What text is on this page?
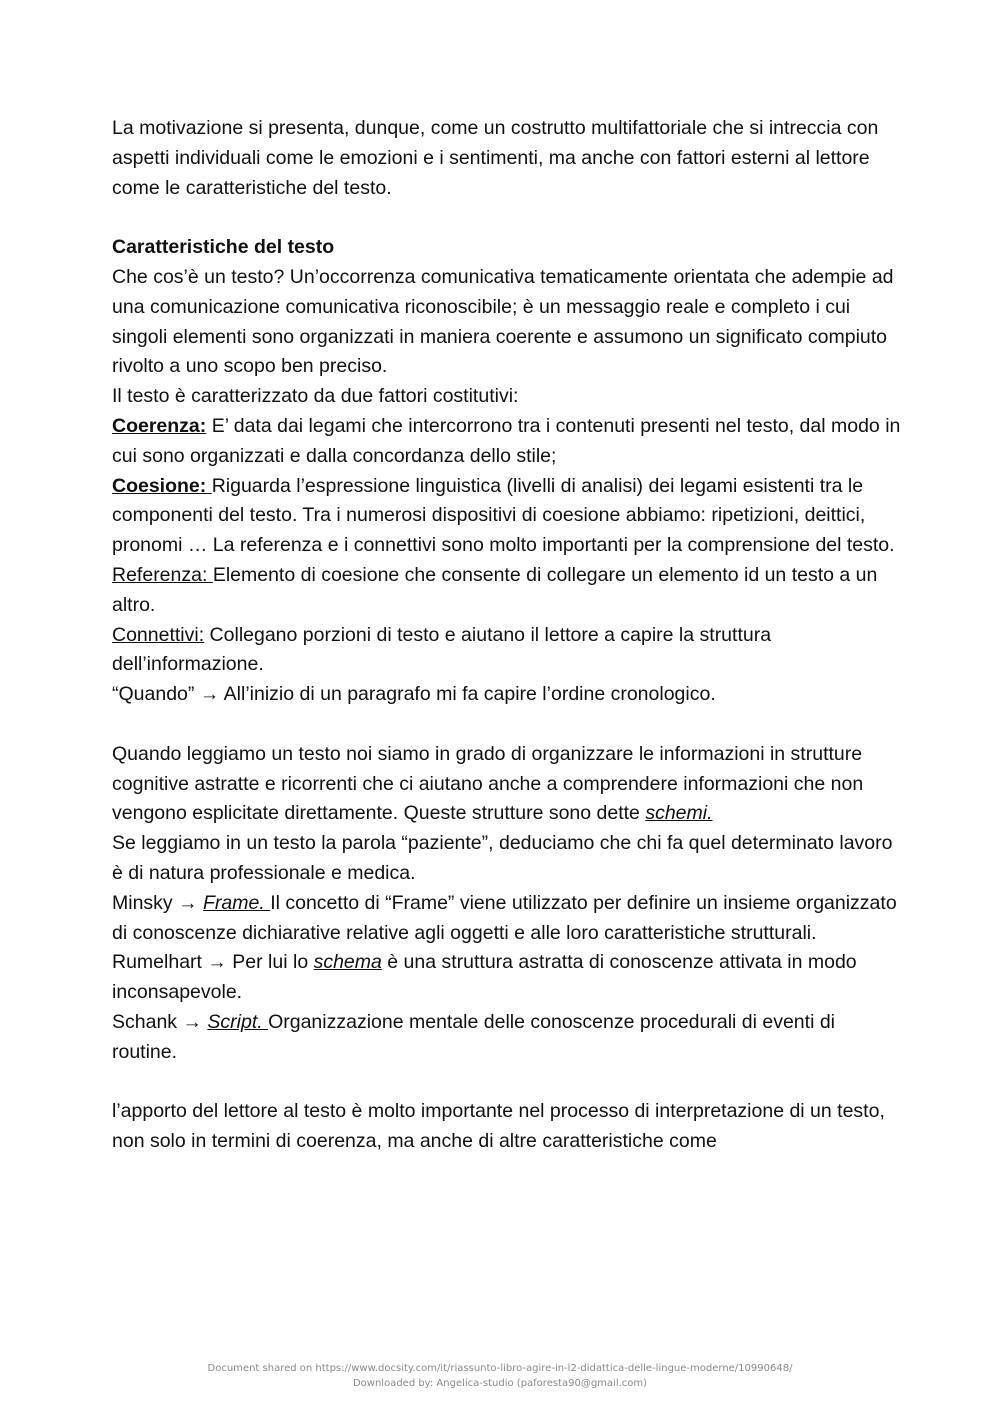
La motivazione si presenta, dunque, come un costrutto multifattoriale che si intreccia con aspetti individuali come le emozioni e i sentimenti, ma anche con fattori esterni al lettore come le caratteristiche del testo.

Caratteristiche del testo

Che cos’è un testo? Un’occorrenza comunicativa tematicamente orientata che adempie ad una comunicazione comunicativa riconoscibile; è un messaggio reale e completo i cui singoli elementi sono organizzati in maniera coerente e assumono un significato compiuto rivolto a uno scopo ben preciso.

Il testo è caratterizzato da due fattori costitutivi:

Coerenza: E’ data dai legami che intercorrono tra i contenuti presenti nel testo, dal modo in cui sono organizzati e dalla concordanza dello stile;

Coesione: Riguarda l’espressione linguistica (livelli di analisi) dei legami esistenti tra le componenti del testo. Tra i numerosi dispositivi di coesione abbiamo: ripetizioni, deittici, pronomi … La referenza e i connettivi sono molto importanti per la comprensione del testo.

Referenza: Elemento di coesione che consente di collegare un elemento id un testo a un altro.

Connettivi: Collegano porzioni di testo e aiutano il lettore a capire la struttura dell’informazione.

“Quando” → All’inizio di un paragrafo mi fa capire l’ordine cronologico.

Quando leggiamo un testo noi siamo in grado di organizzare le informazioni in strutture cognitive astratte e ricorrenti che ci aiutano anche a comprendere informazioni che non vengono esplicitate direttamente. Queste strutture sono dette schemi.

Se leggiamo in un testo la parola “paziente”, deduciamo che chi fa quel determinato lavoro è di natura professionale e medica.

Minsky → Frame. Il concetto di “Frame” viene utilizzato per definire un insieme organizzato di conoscenze dichiarative relative agli oggetti e alle loro caratteristiche strutturali.

Rumelhart → Per lui lo schema è una struttura astratta di conoscenze attivata in modo inconsapevole.

Schank → Script. Organizzazione mentale delle conoscenze procedurali di eventi di routine.

l’apporto del lettore al testo è molto importante nel processo di interpretazione di un testo, non solo in termini di coerenza, ma anche di altre caratteristiche come

Document shared on https://www.docsity.com/it/riassunto-libro-agire-in-l2-didattica-delle-lingue-moderne/10990648/
Downloaded by: Angelica-studio (paforesta90@gmail.com)
